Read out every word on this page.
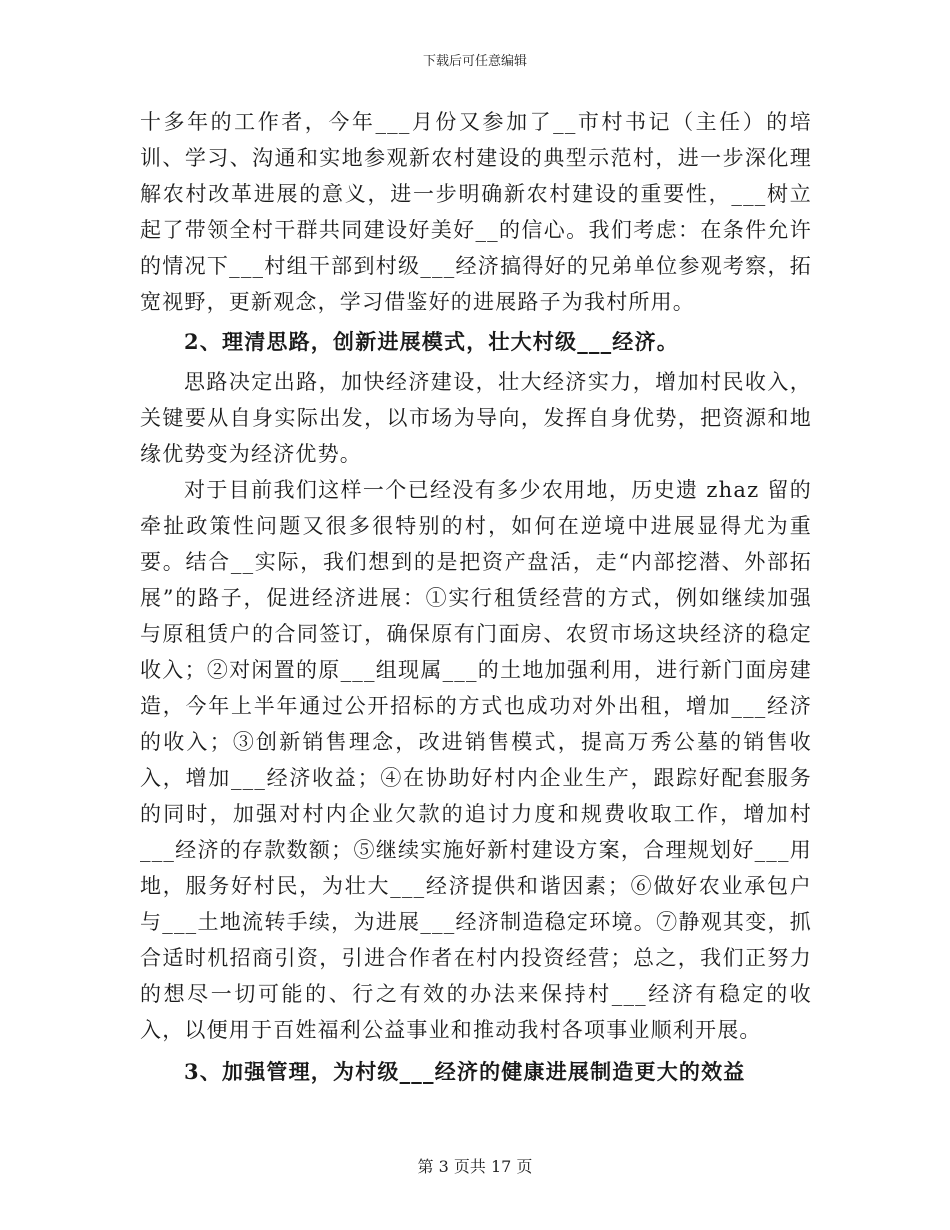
下载后可任意编辑

十多年的工作者，今年___月份又参加了__市村书记（主任）的培训、学习、沟通和实地参观新农村建设的典型示范村，进一步深化理解农村改革进展的意义，进一步明确新农村建设的重要性，___树立起了带领全村干群共同建设好美好__的信心。我们考虑：在条件允许的情况下___村组干部到村级___经济搞得好的兄弟单位参观考察，拓宽视野，更新观念，学习借鉴好的进展路子为我村所用。

2、理清思路，创新进展模式，壮大村级___经济。

思路决定出路，加快经济建设，壮大经济实力，增加村民收入，关键要从自身实际出发，以市场为导向，发挥自身优势，把资源和地缘优势变为经济优势。

对于目前我们这样一个已经没有多少农用地，历史遗 zhaz 留的牵扯政策性问题又很多很特别的村，如何在逆境中进展显得尤为重要。结合__实际，我们想到的是把资产盘活，走“内部挖潜、外部拓展”的路子，促进经济进展：①实行租赁经营的方式，例如继续加强与原租赁户的合同签订，确保原有门面房、农贸市场这块经济的稳定收入；②对闲置的原___组现属___的土地加强利用，进行新门面房建造，今年上半年通过公开招标的方式也成功对外出租，增加___经济的收入；③创新销售理念，改进销售模式，提高万秀公墓的销售收入，增加___经济收益；④在协助好村内企业生产，跟踪好配套服务的同时，加强对村内企业欠款的追讨力度和规费收取工作，增加村___经济的存款数额；⑤继续实施好新村建设方案，合理规划好___用地，服务好村民，为壮大___经济提供和谐因素；⑥做好农业承包户与___土地流转手续，为进展___经济制造稳定环境。⑦静观其变，抓合适时机招商引资，引进合作者在村内投资经营；总之，我们正努力的想尽一切可能的、行之有效的办法来保持村___经济有稳定的收入，以便用于百姓福利公益事业和推动我村各项事业顺利开展。

3、加强管理，为村级___经济的健康进展制造更大的效益

第 3 页共 17 页
